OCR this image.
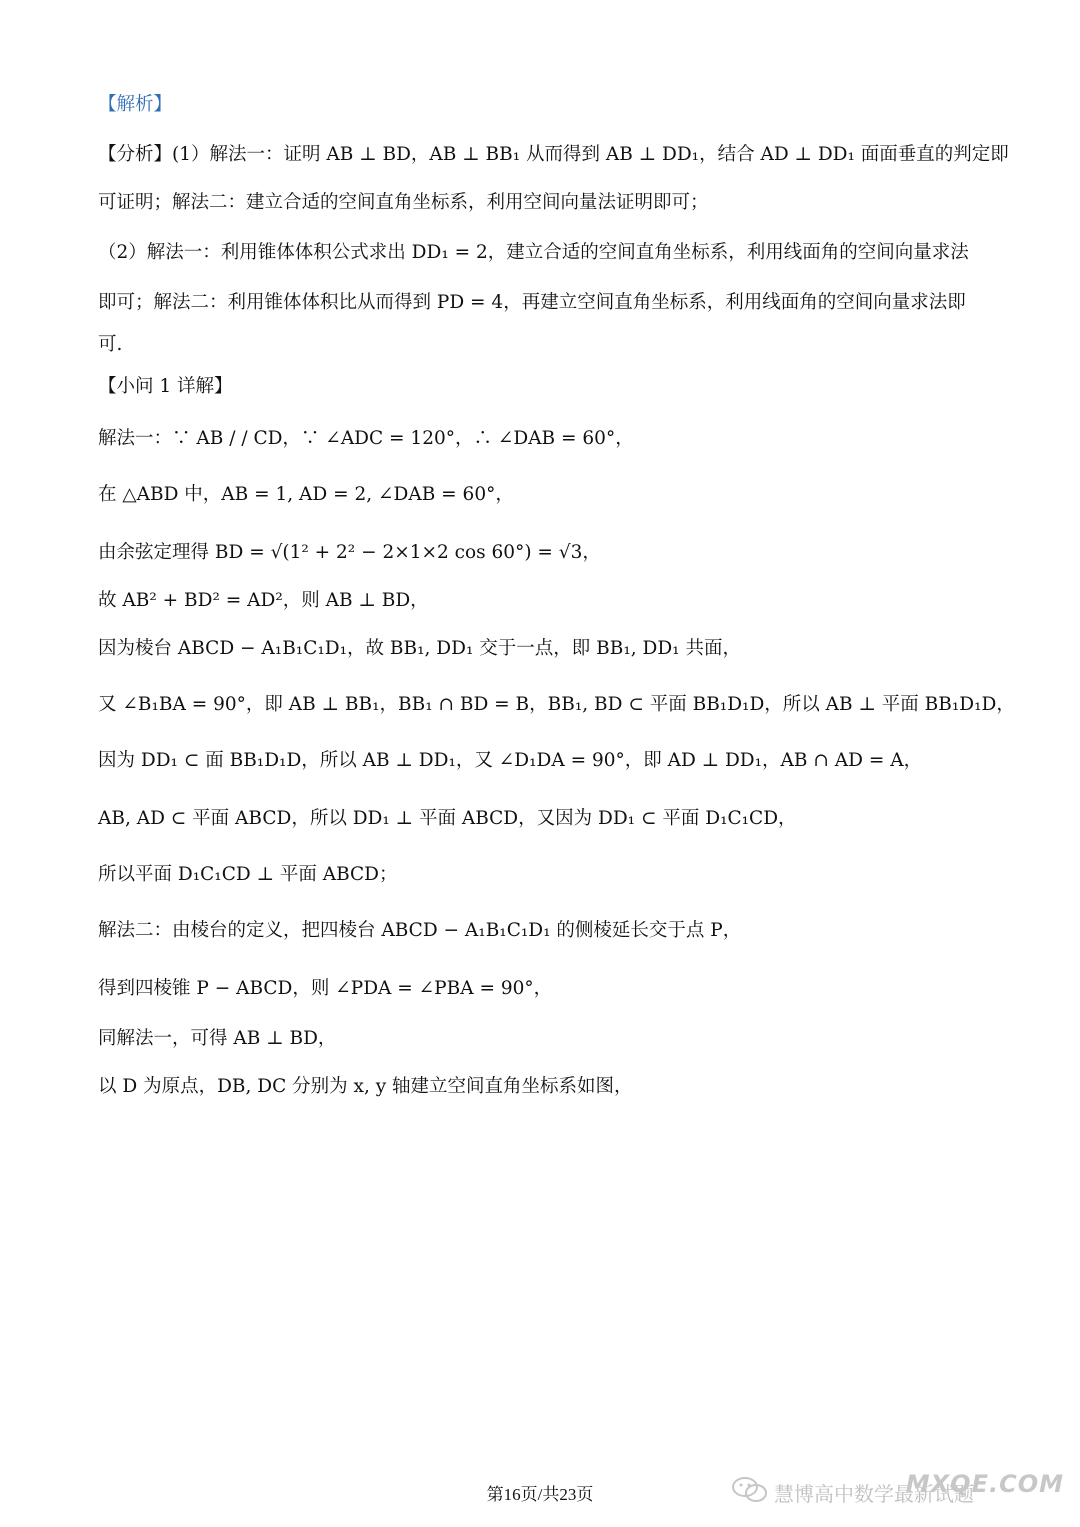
【解析】
【分析】(1）解法一：证明 AB ⊥ BD，AB ⊥ BB₁ 从而得到 AB ⊥ DD₁，结合 AD ⊥ DD₁ 面面垂直的判定即
可证明；解法二：建立合适的空间直角坐标系，利用空间向量法证明即可；
（2）解法一：利用锥体体积公式求出 DD₁ = 2，建立合适的空间直角坐标系，利用线面角的空间向量求法
即可；解法二：利用锥体体积比从而得到 PD = 4，再建立空间直角坐标系，利用线面角的空间向量求法即
可.
【小问 1 详解】
解法一：∵ AB / / CD，∵ ∠ADC = 120°，∴ ∠DAB = 60°，
在 △ABD 中，AB = 1, AD = 2, ∠DAB = 60°，
由余弦定理得 BD = √(1² + 2² − 2×1×2 cos 60°) = √3，
故 AB² + BD² = AD²，则 AB ⊥ BD，
因为棱台 ABCD − A₁B₁C₁D₁，故 BB₁, DD₁ 交于一点，即 BB₁, DD₁ 共面，
又 ∠B₁BA = 90°，即 AB ⊥ BB₁，BB₁ ∩ BD = B，BB₁, BD ⊂ 平面 BB₁D₁D，所以 AB ⊥ 平面 BB₁D₁D，
因为 DD₁ ⊂ 面 BB₁D₁D，所以 AB ⊥ DD₁，又 ∠D₁DA = 90°，即 AD ⊥ DD₁，AB ∩ AD = A，
AB, AD ⊂ 平面 ABCD，所以 DD₁ ⊥ 平面 ABCD，又因为 DD₁ ⊂ 平面 D₁C₁CD，
所以平面 D₁C₁CD ⊥ 平面 ABCD；
解法二：由棱台的定义，把四棱台 ABCD − A₁B₁C₁D₁ 的侧棱延长交于点 P，
得到四棱锥 P − ABCD，则 ∠PDA = ∠PBA = 90°，
同解法一，可得 AB ⊥ BD，
以 D 为原点，DB, DC 分别为 x, y 轴建立空间直角坐标系如图，
第16页/共23页	慧博高中数学最新试题
MXQE.COM
